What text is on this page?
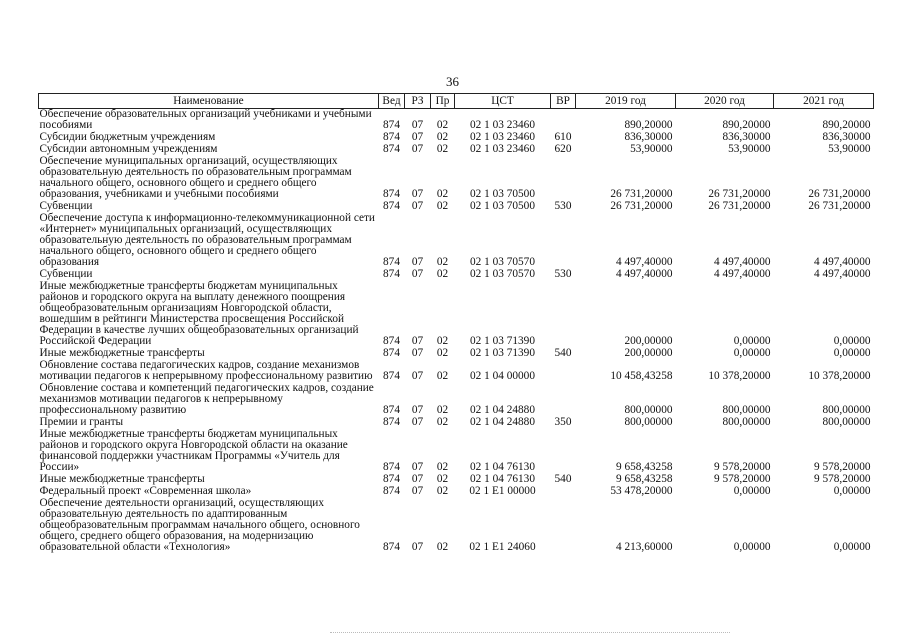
36
Наименование	Вед	РЗ	Пр	ЦСТ	ВР	2019 год	2020 год	2021 год
Обеспечение образовательных организаций учебниками и учебными пособиями	874	07	02	02 1 03 23460		890,20000	890,20000	890,20000
Субсидии бюджетным учреждениям	874	07	02	02 1 03 23460	610	836,30000	836,30000	836,30000
Субсидии автономным учреждениям	874	07	02	02 1 03 23460	620	53,90000	53,90000	53,90000
Обеспечение муниципальных организаций, осуществляющих образовательную деятельность по образовательным программам начального общего, основного общего и среднего общего образования, учебниками и учебными пособиями	874	07	02	02 1 03 70500		26 731,20000	26 731,20000	26 731,20000
Субвенции	874	07	02	02 1 03 70500	530	26 731,20000	26 731,20000	26 731,20000
Обеспечение доступа к информационно-телекоммуникационной сети «Интернет» муниципальных организаций, осуществляющих образовательную деятельность по образовательным программам начального общего, основного общего и среднего общего образования	874	07	02	02 1 03 70570		4 497,40000	4 497,40000	4 497,40000
Субвенции	874	07	02	02 1 03 70570	530	4 497,40000	4 497,40000	4 497,40000
Иные межбюджетные трансферты бюджетам муниципальных районов и городского округа на выплату денежного поощрения общеобразовательным организациям Новгородской области, вошедшим в рейтинги Министерства просвещения Российской Федерации в качестве лучших общеобразовательных организаций Российской Федерации	874	07	02	02 1 03 71390		200,00000	0,00000	0,00000
Иные межбюджетные трансферты	874	07	02	02 1 03 71390	540	200,00000	0,00000	0,00000
Обновление состава педагогических кадров, создание механизмов мотивации педагогов к непрерывному профессиональному развитию	874	07	02	02 1 04 00000		10 458,43258	10 378,20000	10 378,20000
Обновление состава и компетенций педагогических кадров, создание механизмов мотивации педагогов к непрерывному профессиональному развитию	874	07	02	02 1 04 24880		800,00000	800,00000	800,00000
Премии и гранты	874	07	02	02 1 04 24880	350	800,00000	800,00000	800,00000
Иные межбюджетные трансферты бюджетам муниципальных районов и городского округа Новгородской области на оказание финансовой поддержки участникам Программы «Учитель для России»	874	07	02	02 1 04 76130		9 658,43258	9 578,20000	9 578,20000
Иные межбюджетные трансферты	874	07	02	02 1 04 76130	540	9 658,43258	9 578,20000	9 578,20000
Федеральный проект «Современная школа»	874	07	02	02 1 E1 00000		53 478,20000	0,00000	0,00000
Обеспечение деятельности организаций, осуществляющих образовательную деятельность по адаптированным общеобразовательным программам начального общего, основного общего, среднего общего образования, на модернизацию образовательной области «Технология»	874	07	02	02 1 E1 24060		4 213,60000	0,00000	0,00000
